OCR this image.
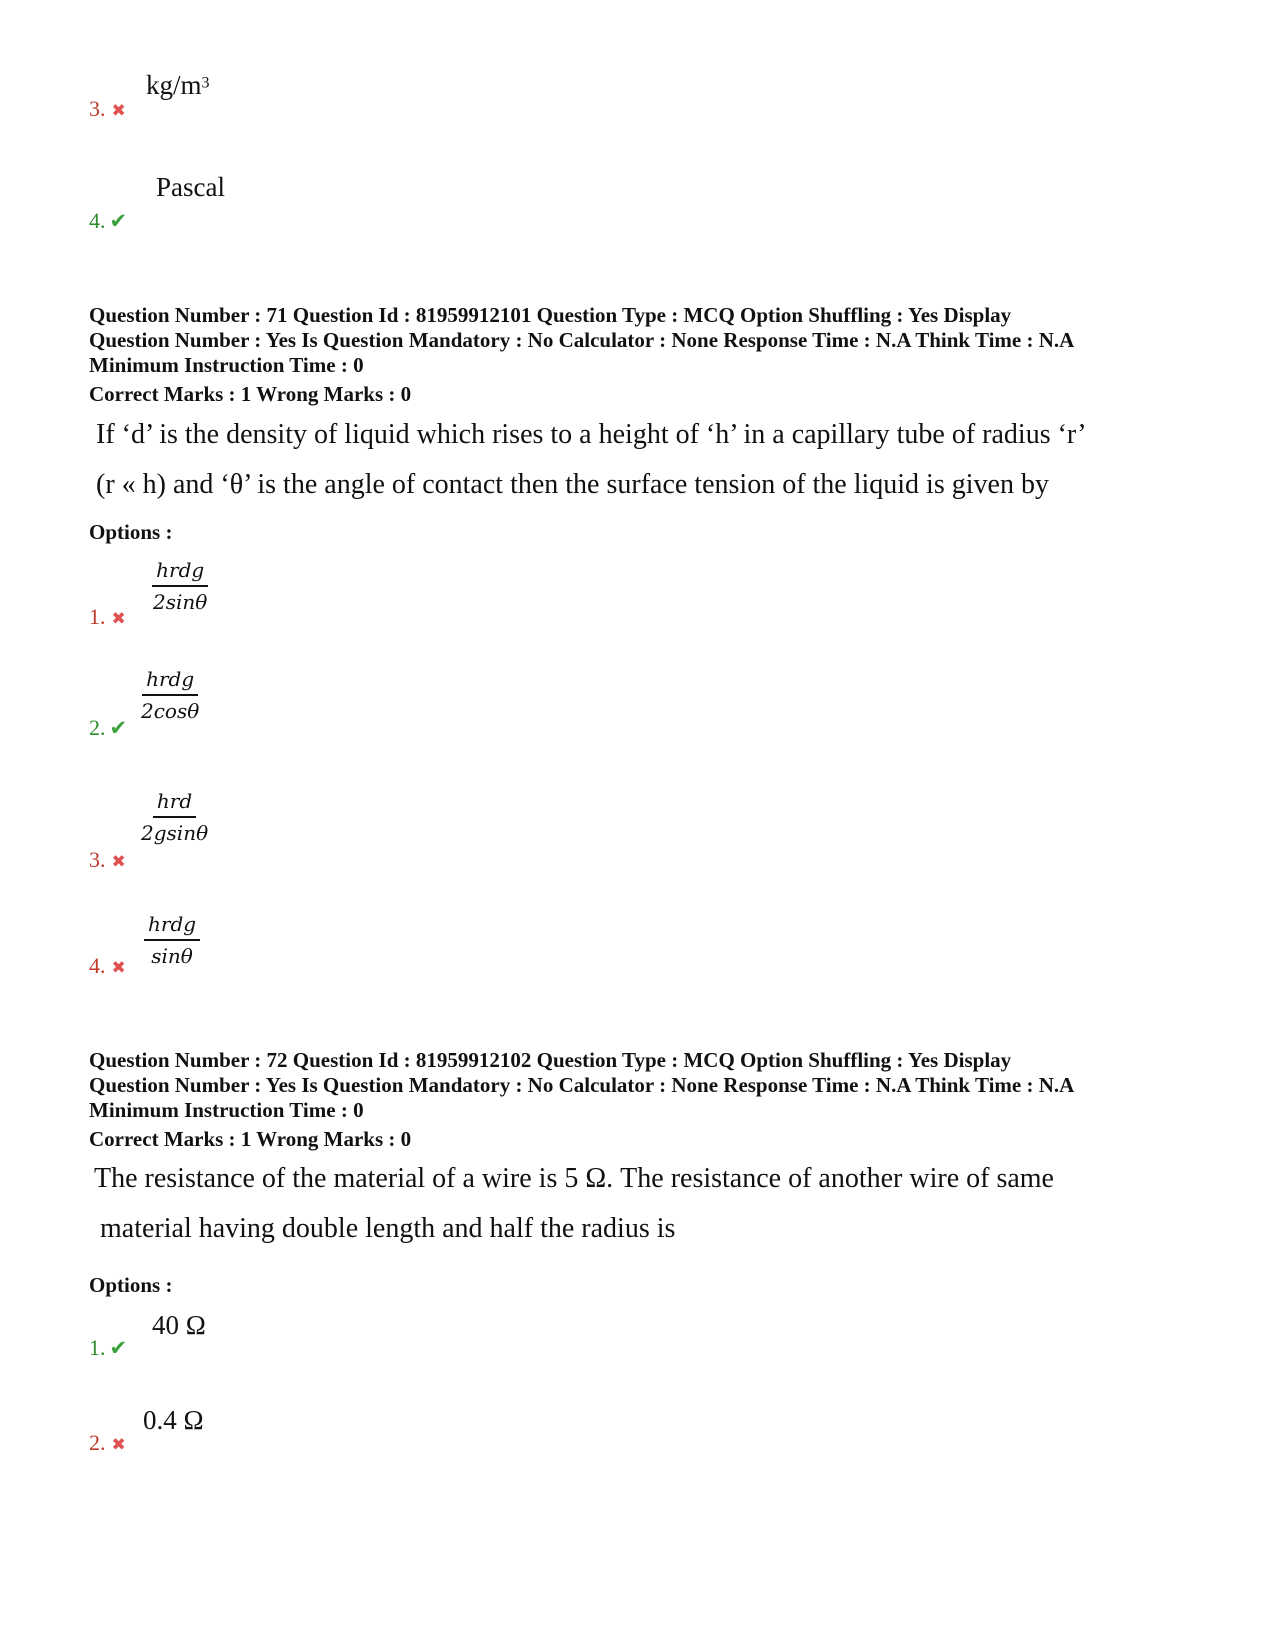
$kg/m^3$
3. ✖
Pascal
4. ✔
Question Number : 71 Question Id : 81959912101 Question Type : MCQ Option Shuffling : Yes Display
Question Number : Yes Is Question Mandatory : No Calculator : None Response Time : N.A Think Time : N.A
Minimum Instruction Time : 0
Correct Marks : 1 Wrong Marks : 0
If ‘d’ is the density of liquid which rises to a height of ‘h’ in a capillary tube of radius ‘r’
(r « h) and ‘θ’ is the angle of contact then the surface tension of the liquid is given by
Options :
hrdg
2sinθ
1. ✖
hrdg
2cosθ
2. ✔
hrd
2gsinθ
3. ✖
hrdg
sinθ
4. ✖
Question Number : 72 Question Id : 81959912102 Question Type : MCQ Option Shuffling : Yes Display
Question Number : Yes Is Question Mandatory : No Calculator : None Response Time : N.A Think Time : N.A
Minimum Instruction Time : 0
Correct Marks : 1 Wrong Marks : 0
The resistance of the material of a wire is 5 Ω. The resistance of another wire of same
material having double length and half the radius is
Options :
40 Ω
1. ✔
0.4 Ω
2. ✖
